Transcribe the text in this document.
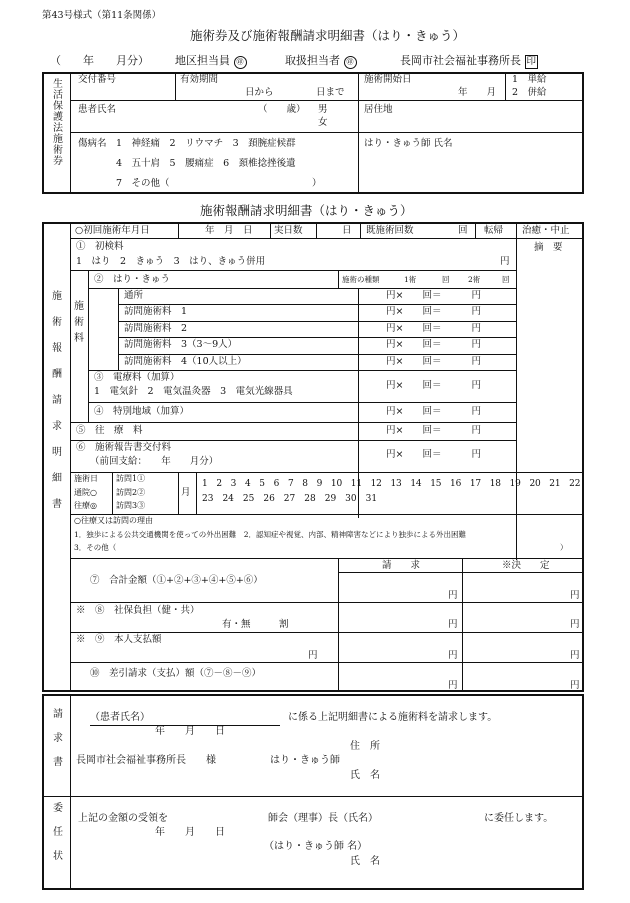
第43号様式（第11条関係）
施術券及び施術報酬請求明細書（はり・きゅう）
（　　年　　月分） 地区担当員 ㊞	取扱担当者 ㊞	長岡市社会福祉事務所長 印
生活保護法施術券 交付番号	有効期間
日から	日まで
施術開始日
年　　月
1　単給
2　併給
患者氏名	（　　歳） 男
女
居住地
傷病名 1　神経痛　2　リウマチ　3　頚腕症候群
4　五十肩　5　腰痛症　6　頚椎捻挫後遺
7　その他（　　　　　　　　　　　　　　　）
はり・きゅう師 氏名
施術報酬請求明細書（はり・きゅう）
施術報酬請求明細書
○初回施術年月日	年　月　日 実日数	日 既施術回数	回 転帰 治癒・中止
摘　要
①　初検料
1　はり　2　きゅう　3　はり、きゅう併用	円
②　はり・きゅう	施術の種類	1術	回 2術	回
施術料
通所	円×　　回＝	円
訪問施術料　1	円×　　回＝	円
訪問施術料　2	円×　　回＝	円
訪問施術料　3（3～9人）	円×　　回＝	円
訪問施術料　4（10人以上）	円×　　回＝	円
③　電療料（加算）
1　電気針　2　電気温灸器　3　電気光線器具
円×　　回＝	円
④　特別地域（加算）	円×　　回＝	円
⑤　往　療　料	円×　　回＝	円
⑥　施術報告書交付料
（前回支給：　　年　　月分）
円×　　回＝	円
施術日
通院○
往療◎
訪問1①
訪問2②
訪問3③
月
1　2　3　4　5　6　7　8　9　10　11　12　13　14　15　16　17　18　19　20　21　22
23　24　25　26　27　28　29　30　31
○往療又は訪問の理由
1．独歩による公共交通機関を使っての外出困難　2．認知症や視覚、内部、精神障害などにより独歩による外出困難
3．その他（	）
請　　求	※決　　定
⑦　合計金額（①+②+③+④+⑤+⑥）
円	円
※　⑧　社保負担（健・共）
有・無　　　割	円	円
※　⑨　本人支払額
円	円	円
⑩　差引請求（支払）額（⑦－⑧－⑨）
円	円
請求書
委任状
（患者氏名）	に係る上記明細書による施術料を請求します。
年　　月　　日
住　所
長岡市社会福祉事務所長　　様	はり・きゅう師
氏　名
上記の金額の受領を	師会（理事）長（氏名）	に委任します。
年　　月　　日
（はり・きゅう師 名）
氏　名
